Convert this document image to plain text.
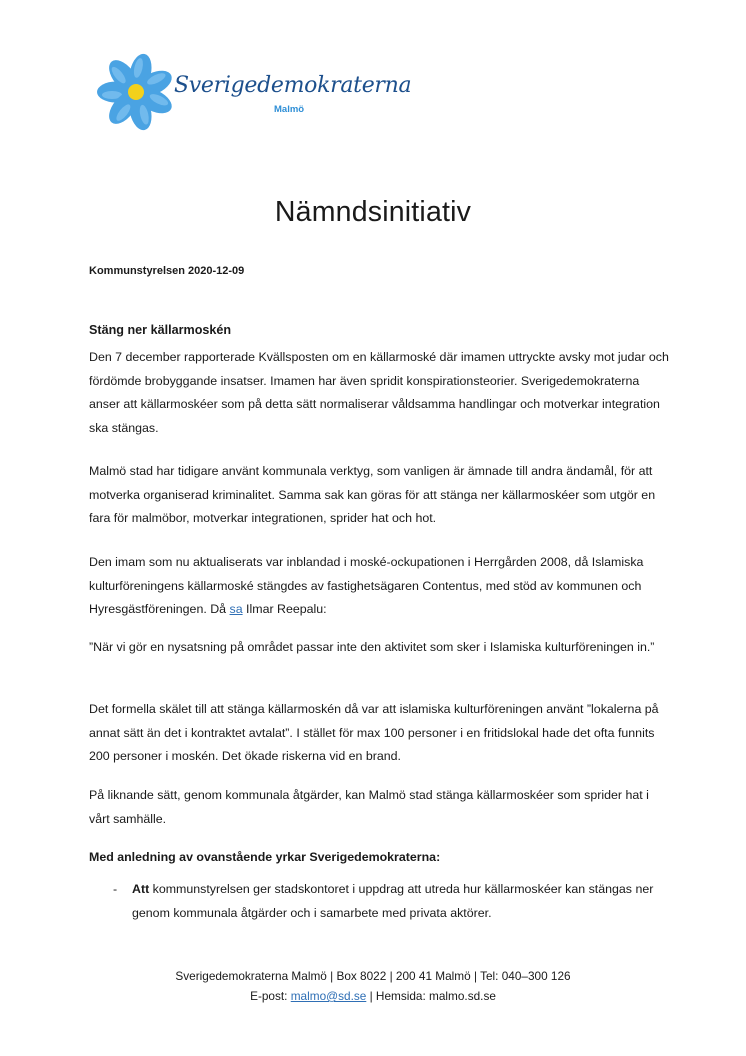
Sverigedemokraterna
Malmö
Nämndsinitiativ
Kommunstyrelsen 2020-12-09
Stäng ner källarmoskén

Den 7 december rapporterade Kvällsposten om en källarmoské där imamen uttryckte avsky mot judar och fördömde brobyggande insatser. Imamen har även spridit konspirationsteorier. Sverigedemokraterna anser att källarmoskéer som på detta sätt normaliserar våldsamma handlingar och motverkar integration ska stängas.

Malmö stad har tidigare använt kommunala verktyg, som vanligen är ämnade till andra ändamål, för att motverka organiserad kriminalitet. Samma sak kan göras för att stänga ner källarmoskéer som utgör en fara för malmöbor, motverkar integrationen, sprider hat och hot.

Den imam som nu aktualiserats var inblandad i moské-ockupationen i Herrgården 2008, då Islamiska kulturföreningens källarmoské stängdes av fastighetsägaren Contentus, med stöd av kommunen och Hyresgästföreningen. Då sa Ilmar Reepalu:

”När vi gör en nysatsning på området passar inte den aktivitet som sker i Islamiska kulturföreningen in.”

Det formella skälet till att stänga källarmoskén då var att islamiska kulturföreningen använt ”lokalerna på annat sätt än det i kontraktet avtalat”. I stället för max 100 personer i en fritidslokal hade det ofta funnits 200 personer i moskén. Det ökade riskerna vid en brand.

På liknande sätt, genom kommunala åtgärder, kan Malmö stad stänga källarmoskéer som sprider hat i vårt samhälle.

Med anledning av ovanstående yrkar Sverigedemokraterna:

- Att kommunstyrelsen ger stadskontoret i uppdrag att utreda hur källarmoskéer kan stängas ner genom kommunala åtgärder och i samarbete med privata aktörer.
Sverigedemokraterna Malmö | Box 8022 | 200 41 Malmö | Tel: 040–300 126
E-post: malmo@sd.se | Hemsida: malmo.sd.se
